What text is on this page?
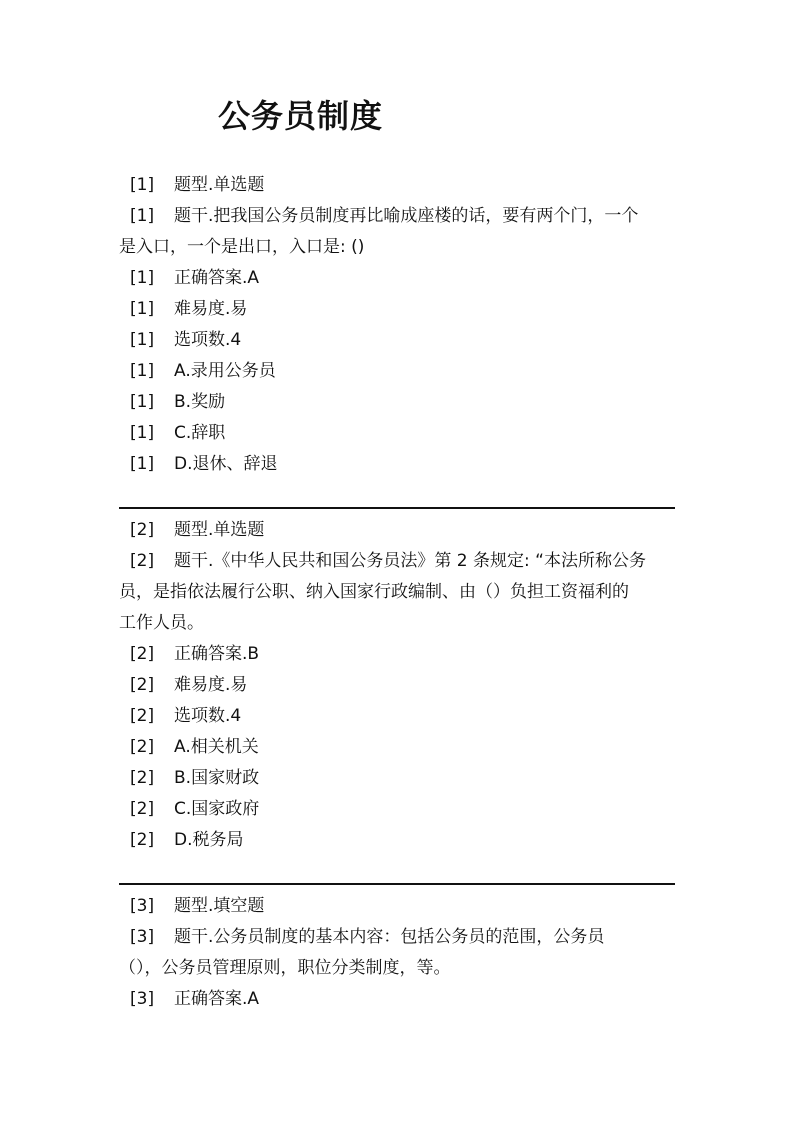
公务员制度

[1] 题型.单选题

[1] 题干.把我国公务员制度再比喻成座楼的话，要有两个门，一个

是入口，一个是出口，入口是: ()

[1] 正确答案.A

[1] 难易度.易

[1] 选项数.4

[1] A.录用公务员

[1] B.奖励

[1] C.辞职

[1] D.退休、辞退

[2] 题型.单选题

[2] 题干.《中华人民共和国公务员法》第 2 条规定: “本法所称公务

员，是指依法履行公职、纳入国家行政编制、由（）负担工资福利的

工作人员。

[2] 正确答案.B

[2] 难易度.易

[2] 选项数.4

[2] A.相关机关

[2] B.国家财政

[2] C.国家政府

[2] D.税务局

[3] 题型.填空题

[3] 题干.公务员制度的基本内容：包括公务员的范围，公务员

（），公务员管理原则，职位分类制度，等。

[3] 正确答案.A
